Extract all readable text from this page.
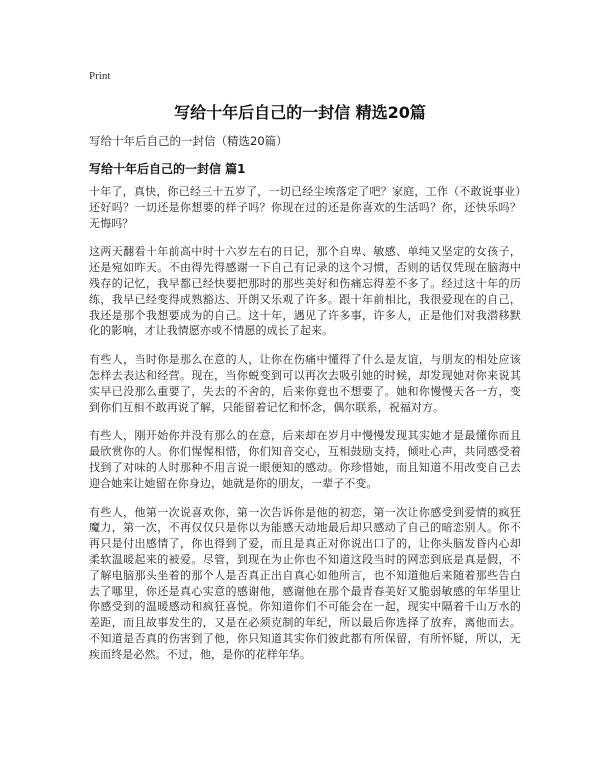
Print
写给十年后自己的一封信 精选20篇
写给十年后自己的一封信（精选20篇）
写给十年后自己的一封信 篇1

十年了，真快，你已经三十五岁了，一切已经尘埃落定了吧？家庭，工作（不敢说事业）还好吗？一切还是你想要的样子吗？你现在过的还是你喜欢的生活吗？你，还快乐吗？无悔吗？

这两天翻看十年前高中时十六岁左右的日记，那个自卑、敏感、单纯又坚定的女孩子，还是宛如昨天。不由得先得感谢一下自己有记录的这个习惯，否则的话仅凭现在脑海中残存的记忆，我早都已经快要把那时的那些美好和伤痛忘得差不多了。经过这十年的历练，我早已经变得成熟豁达、开朗又乐观了许多。跟十年前相比，我很爱现在的自己，我还是那个我想要成为的自己。这十年，遇见了许多事，许多人，正是他们对我潜移默化的影响，才让我情愿亦或不情愿的成长了起来。

有些人，当时你是那么在意的人，让你在伤痛中懂得了什么是友谊，与朋友的相处应该怎样去表达和经营。现在，当你蜕变到可以再次去吸引她的时候，却发现她对你来说其实早已没那么重要了，失去的不舍的，后来你竟也不想要了。她和你慢慢天各一方，变到你们互相不敢再说了解，只能留着记忆和怀念，偶尔联系，祝福对方。

有些人，刚开始你并没有那么的在意，后来却在岁月中慢慢发现其实她才是最懂你而且最欣赏你的人。你们惺惺相惜，你们知音交心，互相鼓励支持，倾吐心声，共同感受着找到了对味的人时那种不用言说一眼便知的感动。你珍惜她，而且知道不用改变自己去迎合她来让她留在你身边，她就是你的朋友，一辈子不变。

有些人，他第一次说喜欢你，第一次告诉你是他的初恋，第一次让你感受到爱情的疯狂魔力，第一次，不再仅仅只是你以为能感天动地最后却只感动了自己的暗恋别人。你不再只是付出感情了，你也得到了爱，而且是真正对你说出口了的，让你头脑发昏内心却柔软温暖起来的被爱。尽管，到现在为止你也不知道这段当时的网恋到底是真是假，不了解电脑那头坐着的那个人是否真正出自真心如他所言，也不知道他后来随着那些告白去了哪里，你还是真心实意的感谢他，感谢他在那个最青春美好又脆弱敏感的年华里让你感受到的温暖感动和疯狂喜悦。你知道你们不可能会在一起，现实中隔着千山万水的差距，而且故事发生的，又是在必须克制的年纪，所以最后你选择了放弃，离他而去。不知道是否真的伤害到了他，你只知道其实你们彼此都有所保留，有所怀疑，所以，无疾而终是必然。不过，他，是你的花样年华。
